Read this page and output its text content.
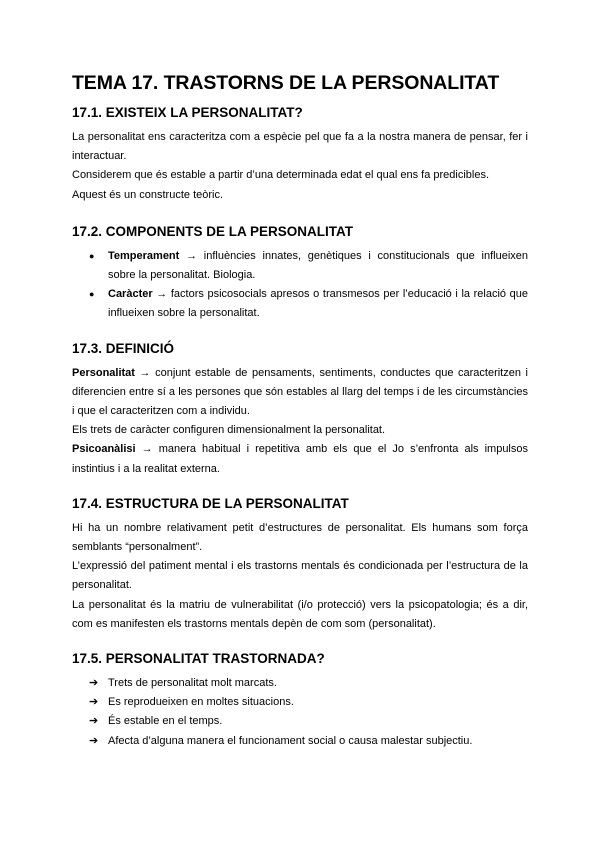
TEMA 17. TRASTORNS DE LA PERSONALITAT
17.1. EXISTEIX LA PERSONALITAT?

La personalitat ens caracteritza com a espècie pel que fa a la nostra manera de pensar, fer i interactuar.

Considerem que és estable a partir d’una determinada edat el qual ens fa predicibles.

Aquest és un constructe teòric.

17.2. COMPONENTS DE LA PERSONALITAT
● Temperament → influències innates, genètiques i constitucionals que influeixen sobre la personalitat. Biologia.
● Caràcter → factors psicosocials apresos o transmesos per l’educació i la relació que influeixen sobre la personalitat.
17.3. DEFINICIÓ

Personalitat → conjunt estable de pensaments, sentiments, conductes que caracteritzen i diferencien entre sí a les persones que són estables al llarg del temps i de les circumstàncies i que el caracteritzen com a individu.

Els trets de caràcter configuren dimensionalment la personalitat.

Psicoanàlisi → manera habitual i repetitiva amb els que el Jo s’enfronta als impulsos instintius i a la realitat externa.

17.4. ESTRUCTURA DE LA PERSONALITAT

Hi ha un nombre relativament petit d’estructures de personalitat. Els humans som força semblants “personalment”.

L’expressió del patiment mental i els trastorns mentals és condicionada per l’estructura de la personalitat.

La personalitat és la matriu de vulnerabilitat (i/o protecció) vers la psicopatologia; és a dir, com es manifesten els trastorns mentals depèn de com som (personalitat).

17.5. PERSONALITAT TRASTORNADA?
➔ Trets de personalitat molt marcats.
➔ Es reprodueixen en moltes situacions.
➔ És estable en el temps.
➔ Afecta d’alguna manera el funcionament social o causa malestar subjectiu.
